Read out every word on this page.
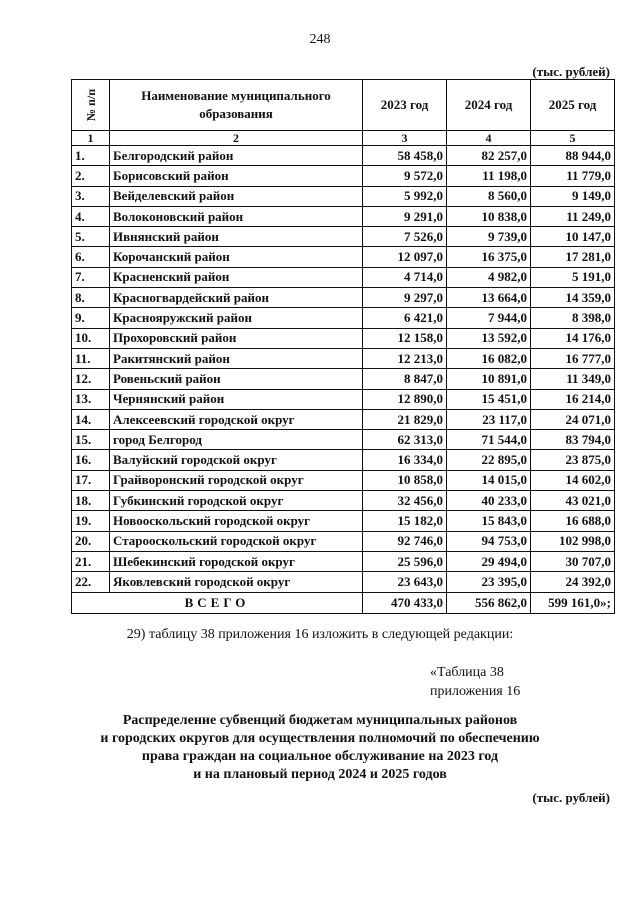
248
(тыс. рублей)
№ п/п	Наименование муниципального образования	2023 год	2024 год	2025 год
1	2	3	4	5
1.	Белгородский район	58 458,0	82 257,0	88 944,0
2.	Борисовский район	9 572,0	11 198,0	11 779,0
3.	Вейделевский район	5 992,0	8 560,0	9 149,0
4.	Волоконовский район	9 291,0	10 838,0	11 249,0
5.	Ивнянский район	7 526,0	9 739,0	10 147,0
6.	Корочанский район	12 097,0	16 375,0	17 281,0
7.	Красненский район	4 714,0	4 982,0	5 191,0
8.	Красногвардейский район	9 297,0	13 664,0	14 359,0
9.	Краснояружский район	6 421,0	7 944,0	8 398,0
10.	Прохоровский район	12 158,0	13 592,0	14 176,0
11.	Ракитянский район	12 213,0	16 082,0	16 777,0
12.	Ровеньский район	8 847,0	10 891,0	11 349,0
13.	Чернянский район	12 890,0	15 451,0	16 214,0
14.	Алексеевский городской округ	21 829,0	23 117,0	24 071,0
15.	город Белгород	62 313,0	71 544,0	83 794,0
16.	Валуйский городской округ	16 334,0	22 895,0	23 875,0
17.	Грайворонский городской округ	10 858,0	14 015,0	14 602,0
18.	Губкинский городской округ	32 456,0	40 233,0	43 021,0
19.	Новооскольский городской округ	15 182,0	15 843,0	16 688,0
20.	Старооскольский городской округ	92 746,0	94 753,0	102 998,0
21.	Шебекинский городской округ	25 596,0	29 494,0	30 707,0
22.	Яковлевский городской округ	23 643,0	23 395,0	24 392,0
ВСЕГО		470 433,0	556 862,0	599 161,0»;
29) таблицу 38 приложения 16 изложить в следующей редакции:
«Таблица 38
приложения 16
Распределение субвенций бюджетам муниципальных районов
и городских округов для осуществления полномочий по обеспечению
права граждан на социальное обслуживание на 2023 год
и на плановый период 2024 и 2025 годов
(тыс. рублей)
